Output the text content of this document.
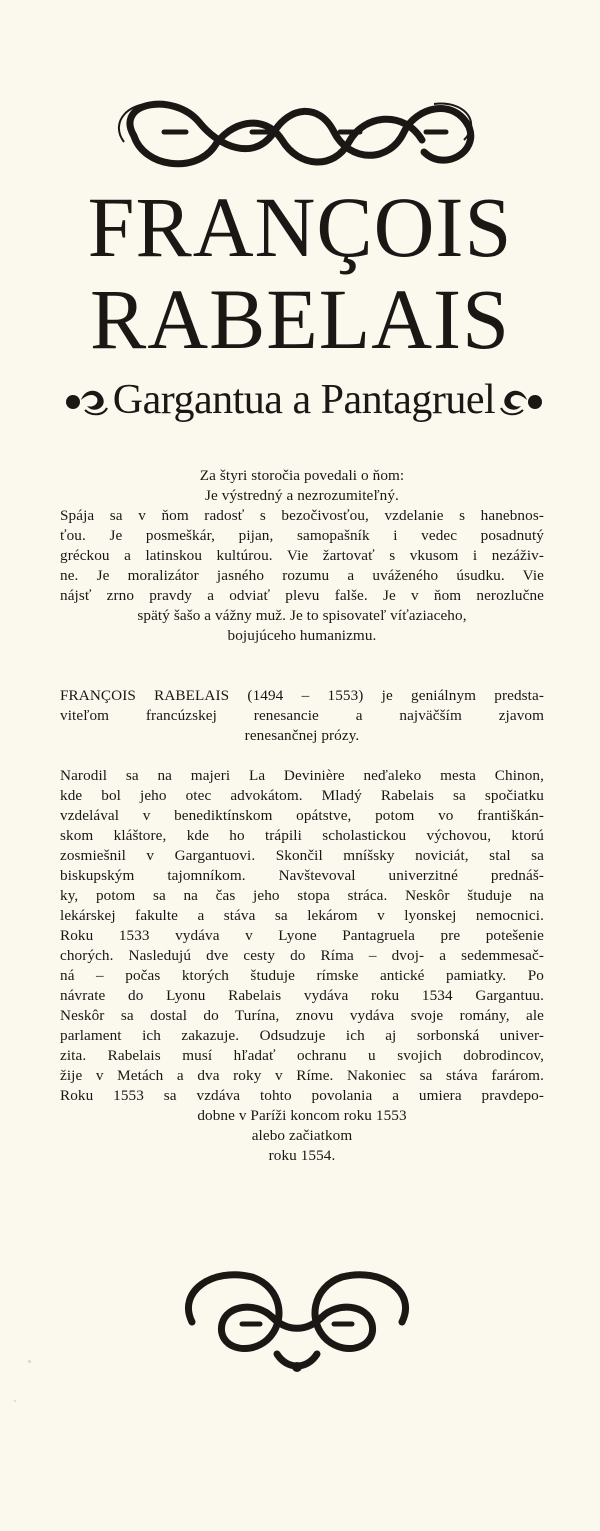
FRANÇOIS
RABELAIS
Gargantua a Pantagruel
Za štyri storočia povedali o ňom:
Je výstredný a nezrozumiteľný.
Spája sa v ňom radosť s bezočivosťou, vzdelanie s hanebnos-
ťou. Je posmeškár, pijan, samopašník i vedec posadnutý
gréckou a latinskou kultúrou. Vie žartovať s vkusom i nezáživ-
ne. Je moralizátor jasného rozumu a uváženého úsudku. Vie
nájsť zrno pravdy a odviať plevu falše. Je v ňom nerozlučne
spätý šašo a vážny muž. Je to spisovateľ víťaziaceho,
bojujúceho humanizmu.
FRANÇOIS RABELAIS (1494 – 1553) je geniálnym predsta-
viteľom francúzskej renesancie a najväčším zjavom
renesančnej prózy.
Narodil sa na majeri La Devinière neďaleko mesta Chinon,
kde bol jeho otec advokátom. Mladý Rabelais sa spočiatku
vzdelával v benediktínskom opátstve, potom vo františkán-
skom kláštore, kde ho trápili scholastickou výchovou, ktorú
zosmiešnil v Gargantuovi. Skončil mníšsky noviciát, stal sa
biskupským tajomníkom. Navštevoval univerzitné prednáš-
ky, potom sa na čas jeho stopa stráca. Neskôr študuje na
lekárskej fakulte a stáva sa lekárom v lyonskej nemocnici.
Roku 1533 vydáva v Lyone Pantagruela pre potešenie
chorých. Nasledujú dve cesty do Ríma – dvoj- a sedemmesač-
ná – počas ktorých študuje rímske antické pamiatky. Po
návrate do Lyonu Rabelais vydáva roku 1534 Gargantuu.
Neskôr sa dostal do Turína, znovu vydáva svoje romány, ale
parlament ich zakazuje. Odsudzuje ich aj sorbonská univer-
zita. Rabelais musí hľadať ochranu u svojich dobrodincov,
žije v Metách a dva roky v Ríme. Nakoniec sa stáva farárom.
Roku 1553 sa vzdáva tohto povolania a umiera pravdepo-
dobne v Paríži koncom roku 1553
alebo začiatkom
roku 1554.
